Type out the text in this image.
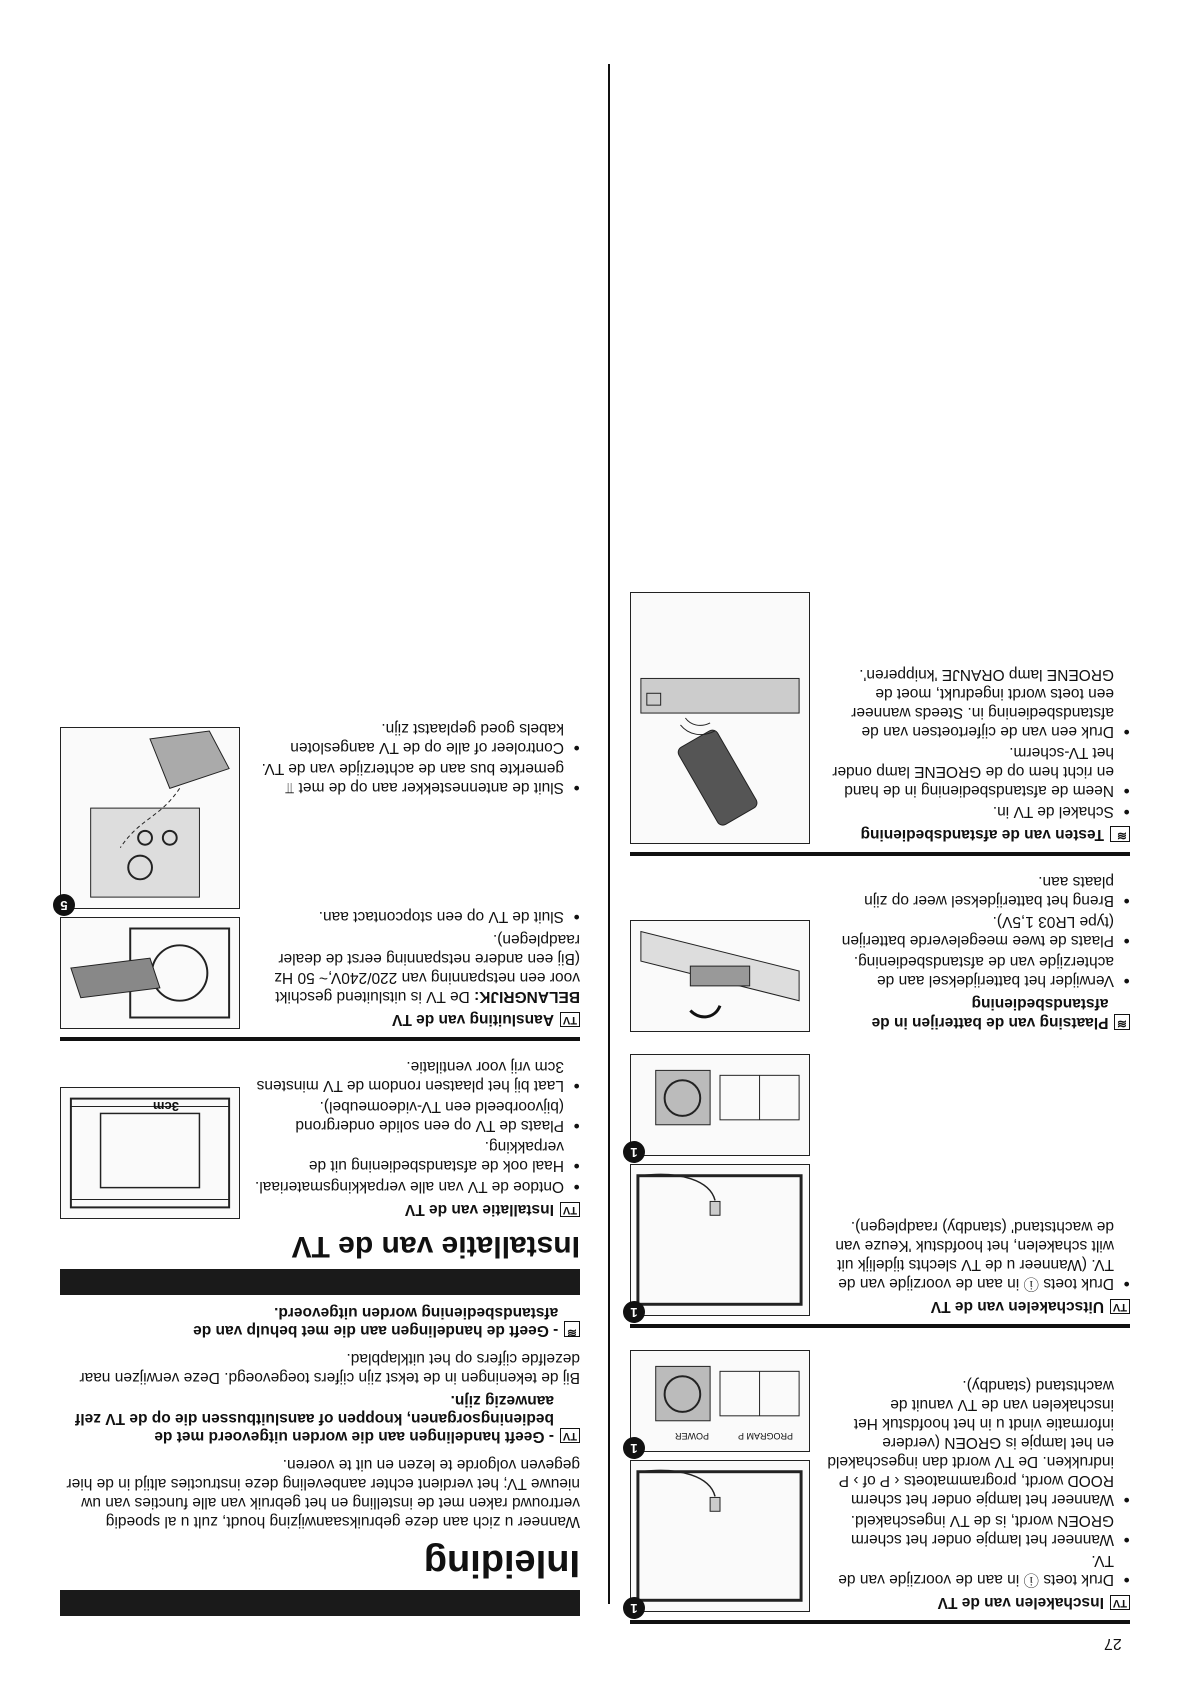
Inleiding

Wanneer u zich aan deze gebruiksaanwijzing houdt, zult u al spoedig vertrouwd raken met de instelling en het gebruik van alle functies van uw nieuwe TV; het verdient echter aanbeveling deze instructies altijd in de hier gegeven volgorde te lezen en uit te voeren.

TV
- Geeft handelingen aan die worden uitgevoerd met de bedieningsorganen, knoppen of aansluitbussen die op de TV zelf aanwezig zijn.

Bij de tekeningen in de tekst zijn cijfers toegevoegd. Deze verwijzen naar dezelfde cijfers op het uitklapblad.

≋
- Geeft de handelingen aan die met behulp van de afstandsbediening worden uitgevoerd.
Installatie van de TV
TV
Installatie van de TV
● Ontdoe de TV van alle verpakkingsmateriaal.
● Haal ook de afstandsbediening uit de verpakking.
● Plaats de TV op een solide ondergrond (bijvoorbeeld een TV-videomeubel).
● Laat bij het plaatsen rondom de TV minstens 3cm vrij voor ventilatie.
3cm
TV
Aansluiting van de TV
BELANGRIJK: De TV is uitsluitend geschikt voor een netspanning van 220/240V,~ 50 Hz (Bij een andere netspanning eerst de dealer raadplegen).
● Sluit de TV op een stopcontact aan.
● Sluit de antennestekker aan op de met ⫪ gemerkte bus aan de achterzijde van de TV.
● Controleer of alle op de TV aangesloten kabels goed geplaatst zijn.
5
TV
Inschakelen van de TV
● Druk toets ⓘ in aan de voorzijde van de TV.
● Wanneer het lampje onder het scherm GROEN wordt, is de TV ingeschakeld.
● Wanneer het lampje onder het scherm ROOD wordt, programmatoets ‹ P of › P indrukken. De TV wordt dan ingeschakeld en het lampje is GROEN (verdere informatie vindt u in het hoofdstuk Het inschakelen van de TV vanuit de wachtstand (standby).
1
1
POWER	PROGRAM P
TV
Uitschakelen van de TV
● Druk toets ⓘ in aan de voorzijde van de TV. (Wanneer u de TV slechts tijdelijk uit wilt schakelen, het hoofdstuk 'Keuze van de wachtstand' (standby) raadplegen).
1
1
≋
Plaatsing van de batterijen in de afstandsbediening
● Verwijder het batterijdeksel aan de achterzijde van de afstandsbediening.
● Plaats de twee meegeleverde batterijen (type LR03 1,5V).
● Breng het batterijdeksel weer op zijn plaats aan.
≋
Testen van de afstandsbediening
● Schakel de TV in.
● Neem de afstandsbediening in de hand en richt hem op de GROENE lamp onder het TV-scherm.
● Druk een van de cijfertoetsen van de afstandsbediening in. Steeds wanneer een toets wordt ingedrukt, moet de GROENE lamp ORANJE 'knipperen'.
27
